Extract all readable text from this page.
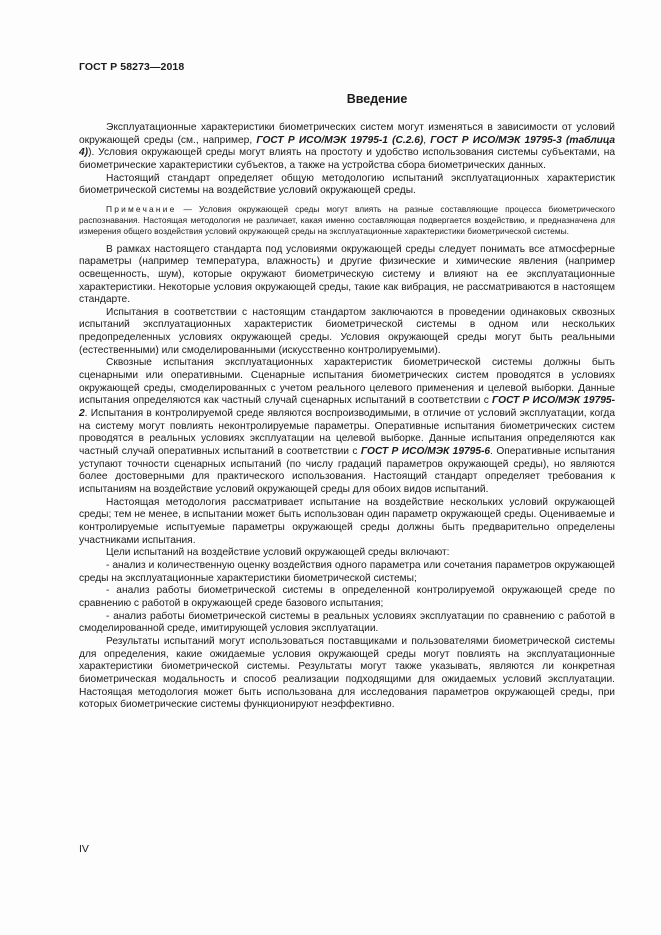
ГОСТ Р 58273—2018
Введение

Эксплуатационные характеристики биометрических систем могут изменяться в зависимости от условий окружающей среды (см., например, ГОСТ Р ИСО/МЭК 19795-1 (С.2.6), ГОСТ Р ИСО/МЭК 19795-3 (таблица 4)). Условия окружающей среды могут влиять на простоту и удобство использования системы субъектами, на биометрические характеристики субъектов, а также на устройства сбора биометрических данных.

Настоящий стандарт определяет общую методологию испытаний эксплуатационных характеристик биометрической системы на воздействие условий окружающей среды.

Примечание — Условия окружающей среды могут влиять на разные составляющие процесса биометрического распознавания. Настоящая методология не различает, какая именно составляющая подвергается воздействию, и предназначена для измерения общего воздействия условий окружающей среды на эксплуатационные характеристики биометрической системы.

В рамках настоящего стандарта под условиями окружающей среды следует понимать все атмосферные параметры (например температура, влажность) и другие физические и химические явления (например освещенность, шум), которые окружают биометрическую систему и влияют на ее эксплуатационные характеристики. Некоторые условия окружающей среды, такие как вибрация, не рассматриваются в настоящем стандарте.

Испытания в соответствии с настоящим стандартом заключаются в проведении одинаковых сквозных испытаний эксплуатационных характеристик биометрической системы в одном или нескольких предопределенных условиях окружающей среды. Условия окружающей среды могут быть реальными (естественными) или смоделированными (искусственно контролируемыми).

Сквозные испытания эксплуатационных характеристик биометрической системы должны быть сценарными или оперативными. Сценарные испытания биометрических систем проводятся в условиях окружающей среды, смоделированных с учетом реального целевого применения и целевой выборки. Данные испытания определяются как частный случай сценарных испытаний в соответствии с ГОСТ Р ИСО/МЭК 19795-2. Испытания в контролируемой среде являются воспроизводимыми, в отличие от условий эксплуатации, когда на систему могут повлиять неконтролируемые параметры. Оперативные испытания биометрических систем проводятся в реальных условиях эксплуатации на целевой выборке. Данные испытания определяются как частный случай оперативных испытаний в соответствии с ГОСТ Р ИСО/МЭК 19795-6. Оперативные испытания уступают точности сценарных испытаний (по числу градаций параметров окружающей среды), но являются более достоверными для практического использования. Настоящий стандарт определяет требования к испытаниям на воздействие условий окружающей среды для обоих видов испытаний.

Настоящая методология рассматривает испытание на воздействие нескольких условий окружающей среды; тем не менее, в испытании может быть использован один параметр окружающей среды. Оцениваемые и контролируемые испытуемые параметры окружающей среды должны быть предварительно определены участниками испытания.

Цели испытаний на воздействие условий окружающей среды включают:

- анализ и количественную оценку воздействия одного параметра или сочетания параметров окружающей среды на эксплуатационные характеристики биометрической системы;

- анализ работы биометрической системы в определенной контролируемой окружающей среде по сравнению с работой в окружающей среде базового испытания;

- анализ работы биометрической системы в реальных условиях эксплуатации по сравнению с работой в смоделированной среде, имитирующей условия эксплуатации.

Результаты испытаний могут использоваться поставщиками и пользователями биометрической системы для определения, какие ожидаемые условия окружающей среды могут повлиять на эксплуатационные характеристики биометрической системы. Результаты могут также указывать, являются ли конкретная биометрическая модальность и способ реализации подходящими для ожидаемых условий эксплуатации. Настоящая методология может быть использована для исследования параметров окружающей среды, при которых биометрические системы функционируют неэффективно.

IV
